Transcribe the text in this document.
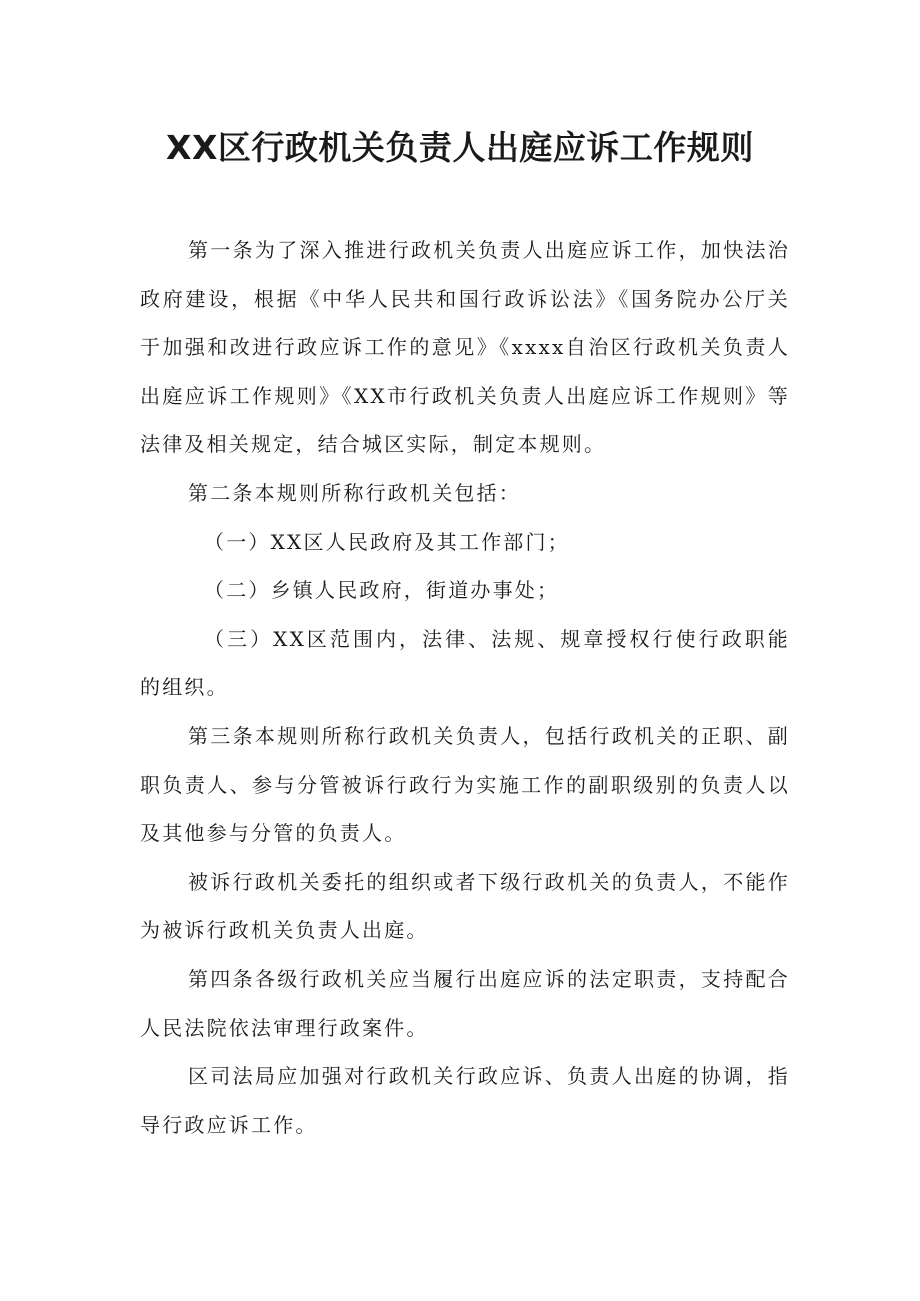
XX区行政机关负责人出庭应诉工作规则

第一条为了深入推进行政机关负责人出庭应诉工作，加快法治政府建设，根据《中华人民共和国行政诉讼法》《国务院办公厅关于加强和改进行政应诉工作的意见》《xxxx自治区行政机关负责人出庭应诉工作规则》《XX市行政机关负责人出庭应诉工作规则》等法律及相关规定，结合城区实际，制定本规则。

第二条本规则所称行政机关包括：

（一）XX区人民政府及其工作部门；

（二）乡镇人民政府，街道办事处；

（三）XX区范围内，法律、法规、规章授权行使行政职能的组织。

第三条本规则所称行政机关负责人，包括行政机关的正职、副职负责人、参与分管被诉行政行为实施工作的副职级别的负责人以及其他参与分管的负责人。

被诉行政机关委托的组织或者下级行政机关的负责人，不能作为被诉行政机关负责人出庭。

第四条各级行政机关应当履行出庭应诉的法定职责，支持配合人民法院依法审理行政案件。

区司法局应加强对行政机关行政应诉、负责人出庭的协调，指导行政应诉工作。
